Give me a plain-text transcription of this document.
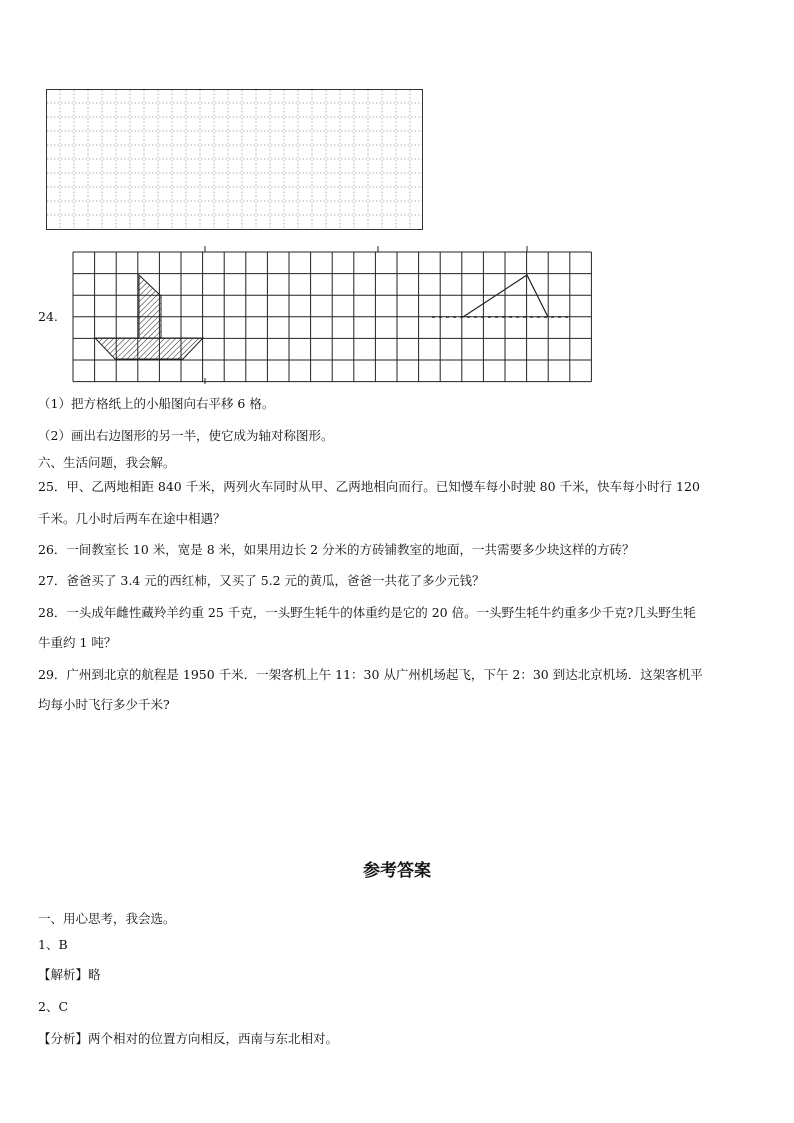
24.
（1）把方格纸上的小船图向右平移 6 格。
（2）画出右边图形的另一半，使它成为轴对称图形。
六、生活问题，我会解。
25．甲、乙两地相距 840 千米，两列火车同时从甲、乙两地相向而行。已知慢车每小时驶 80 千米，快车每小时行 120
千米。几小时后两车在途中相遇？
26．一间教室长 10 米，宽是 8 米，如果用边长 2 分米的方砖铺教室的地面，一共需要多少块这样的方砖？
27．爸爸买了 3.4 元的西红柿，又买了 5.2 元的黄瓜，爸爸一共花了多少元钱？
28．一头成年雌性藏羚羊约重 25 千克，一头野生牦牛的体重约是它的 20 倍。一头野生牦牛约重多少千克?几头野生牦
牛重约 1 吨？
29．广州到北京的航程是 1950 千米．一架客机上午 11：30 从广州机场起飞，下午 2：30 到达北京机场．这架客机平
均每小时飞行多少千米?
参考答案
一、用心思考，我会选。
1、B
【解析】略
2、C
【分析】两个相对的位置方向相反，西南与东北相对。
